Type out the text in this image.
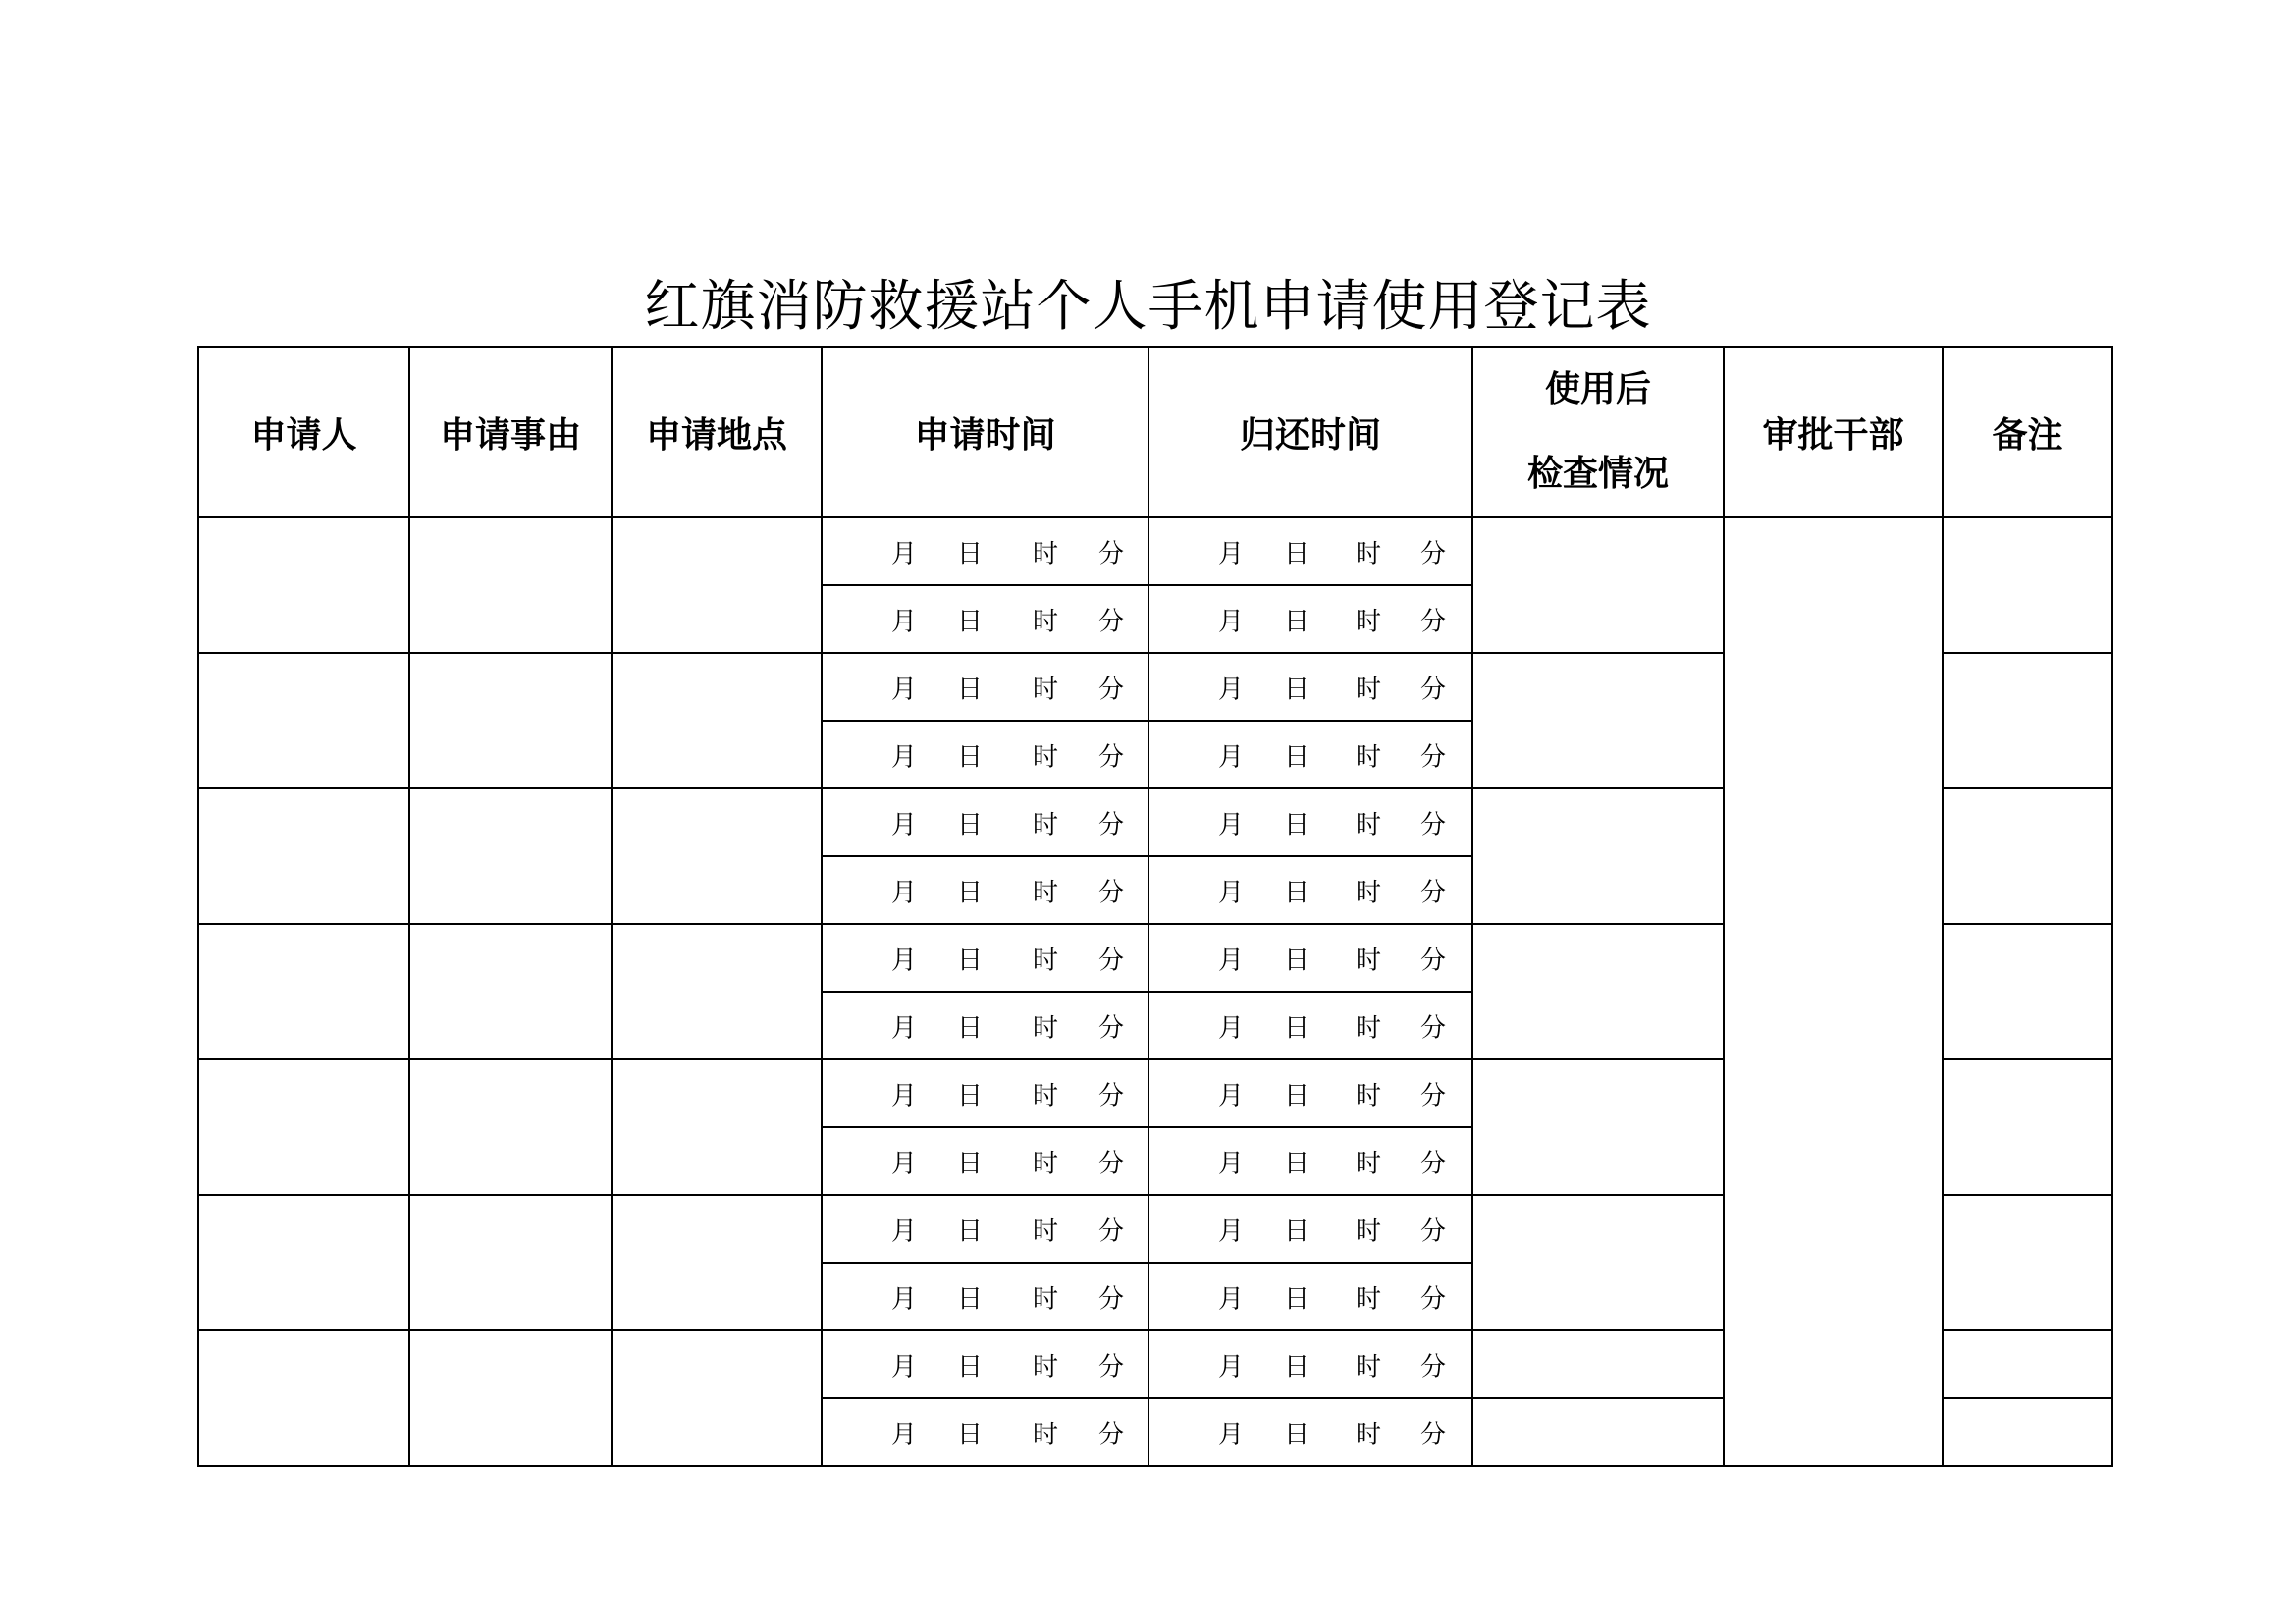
红旗消防救援站个人手机申请使用登记表
申请人	申请事由	申请地点	申请时间	归还时间	使用后
检查情况	审批干部	备注

			月 日 时 分	月 日 时 分			

			月 日 时 分	月 日 时 分			

			月 日 时 分	月 日 时 分			

			月 日 时 分	月 日 时 分			

			月 日 时 分	月 日 时 分			

			月 日 时 分	月 日 时 分			

			月 日 时 分	月 日 时 分			

			月 日 时 分	月 日 时 分			

			月 日 时 分	月 日 时 分			

			月 日 时 分	月 日 时 分			

			月 日 时 分	月 日 时 分			

			月 日 时 分	月 日 时 分			

			月 日 时 分	月 日 时 分			

			月 日 时 分	月 日 时 分			
